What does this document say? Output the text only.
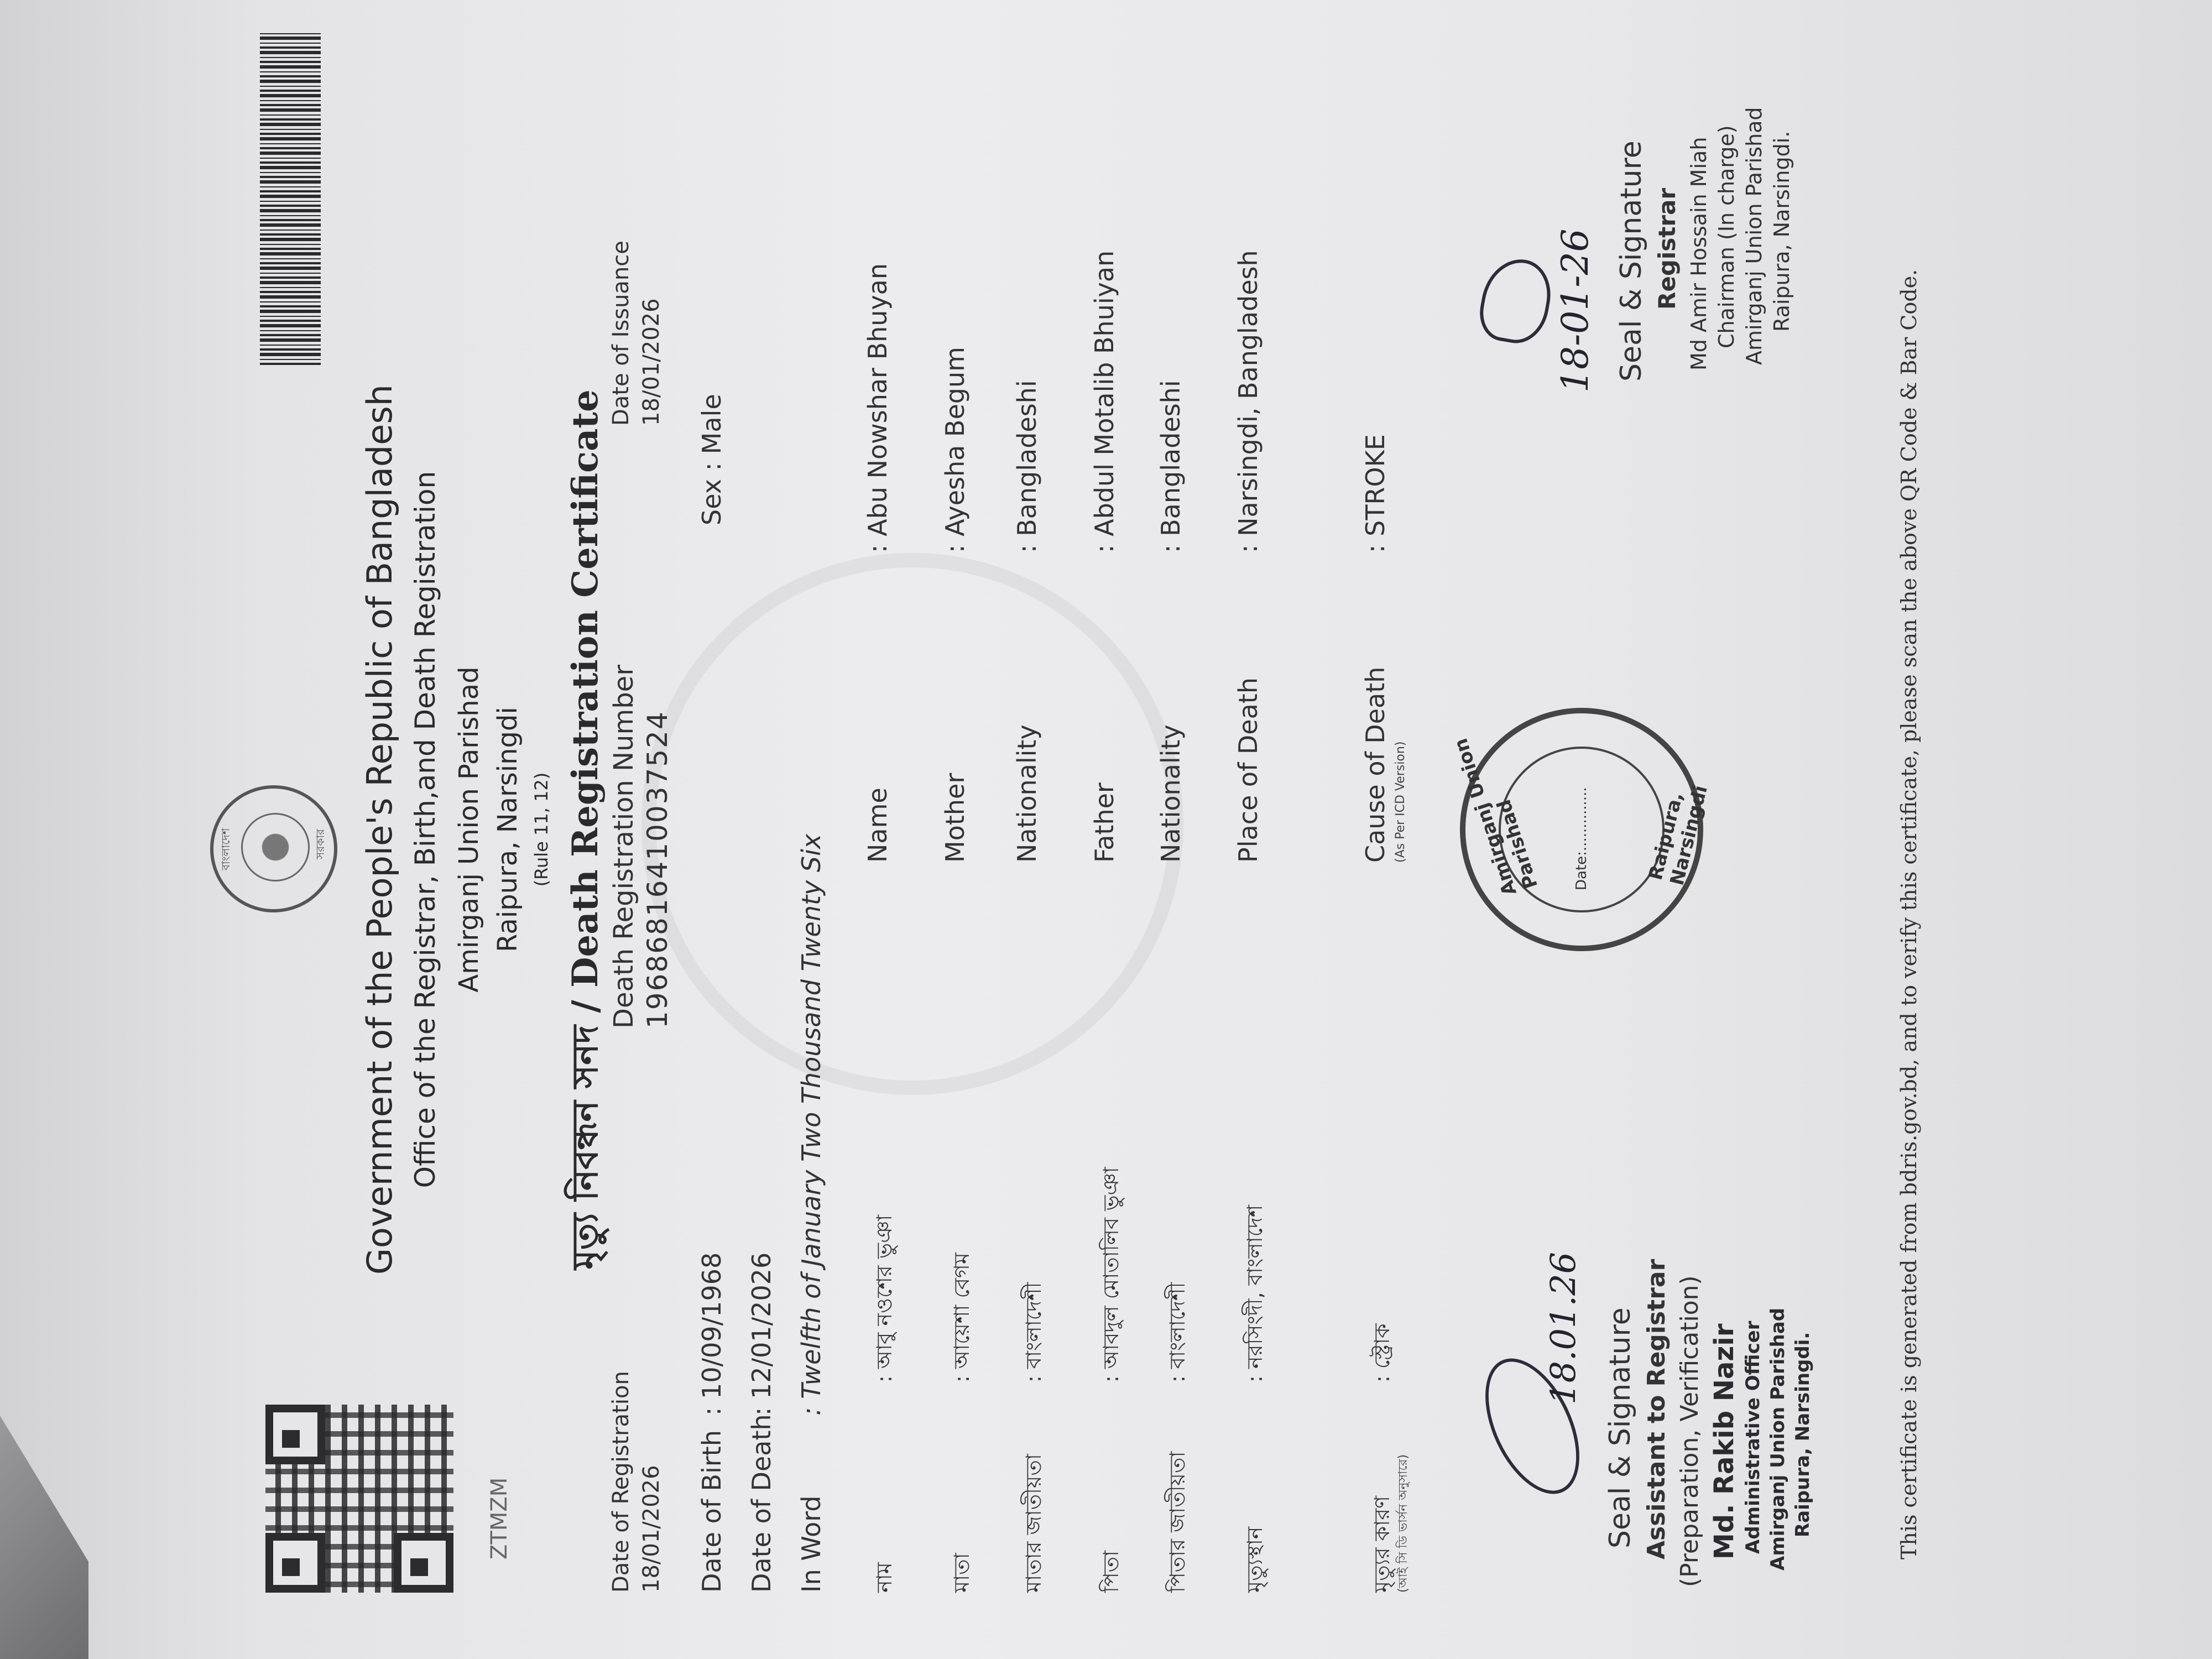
ZTMZM
বাংলাদেশ	সরকার Government of the People's Republic of Bangladesh Office of the Registrar, Birth,and Death Registration Amirganj Union Parishad Raipura, Narsingdi (Rule 11, 12)
মৃত্যু নিবন্ধন সনদ / Death Registration Certificate
Date of Registration 18/01/2026
Death Registration Number 19686816410037524
Date of Issuance 18/01/2026
Date of Birth
: 10/09/1968
Date of Death
: 12/01/2026
In Word
: Twelfth of January Two Thousand Twenty Six
Sex : Male
নাম
: আবু নওশের ভুঞা
Name
: Abu Nowshar Bhuyan
মাতা
: আয়েশা বেগম
Mother
: Ayesha Begum
মাতার জাতীয়তা
: বাংলাদেশী
Nationality
: Bangladeshi
পিতা
: আবদুল মোতালিব ভুঞা
Father
: Abdul Motalib Bhuiyan
পিতার জাতীয়তা
: বাংলাদেশী
Nationality
: Bangladeshi
মৃত্যুস্থান
: নরসিংদী, বাংলাদেশ
Place of Death
: Narsingdi, Bangladesh
মৃত্যুর কারণ (আই সি ডি ভার্সন অনুসারে)
: স্ট্রোক
Cause of Death (As Per ICD Version)
: STROKE
18.01.26 Seal & Signature Assistant to Registrar (Preparation, Verification) Md. Rakib Nazir Administrative Officer Amirganj Union Parishad Raipura, Narsingdi.
Amirganj Union Parishad	Raipura, Narsingdi
Date:..............
18-01-26 Seal & Signature Registrar Md Amir Hossain Miah Chairman (In charge) Amirganj Union Parishad Raipura, Narsingdi.
This certificate is generated from bdris.gov.bd, and to verify this certificate, please scan the above QR Code & Bar Code.
